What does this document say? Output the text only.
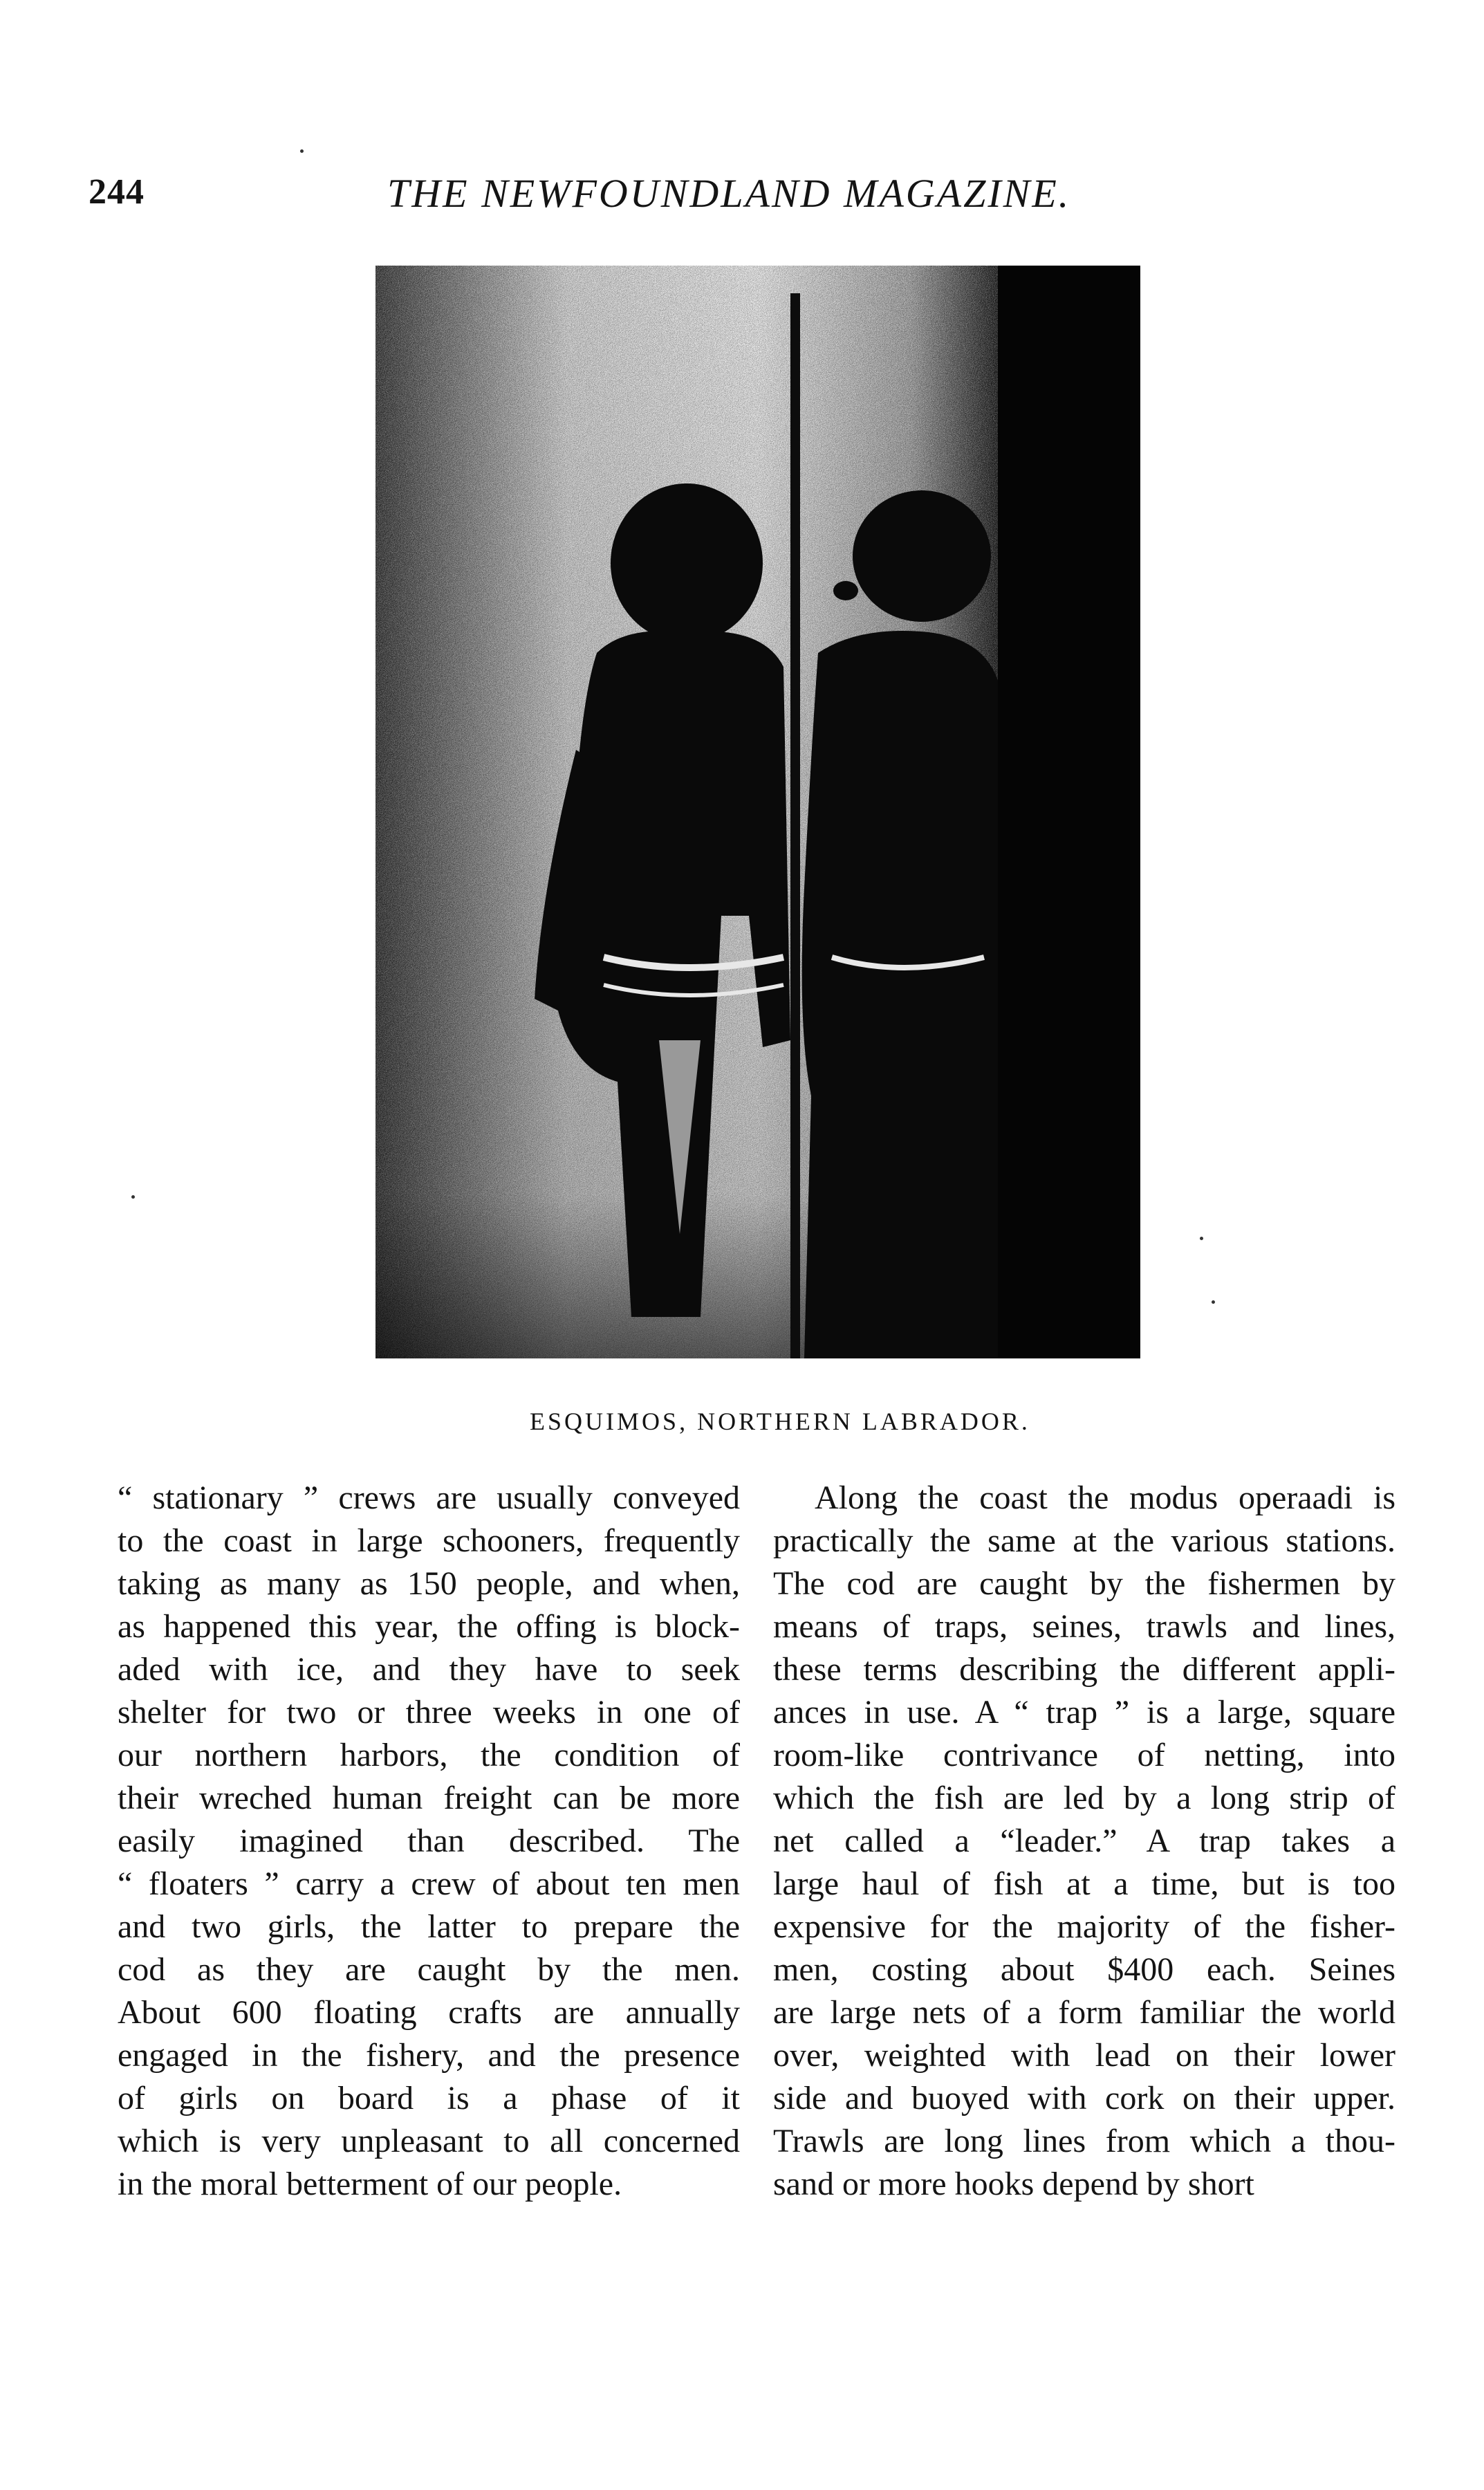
244	THE NEWFOUNDLAND MAGAZINE.
ESQUIMOS, NORTHERN LABRADOR.
“ stationary ” crews are usually conveyed
to the coast in large schooners, frequently
taking as many as 150 people, and when,
as happened this year, the offing is block-
aded with ice, and they have to seek
shelter for two or three weeks in one of
our northern harbors, the condition of
their wreched human freight can be more
easily imagined than described. The
“ floaters ” carry a crew of about ten men
and two girls, the latter to prepare the
cod as they are caught by the men.
About 600 floating crafts are annually
engaged in the fishery, and the presence
of girls on board is a phase of it
which is very unpleasant to all concerned
in the moral betterment of our people.
Along the coast the modus operaadi is
practically the same at the various stations.
The cod are caught by the fishermen by
means of traps, seines, trawls and lines,
these terms describing the different appli-
ances in use. A “ trap ” is a large, square
room-like contrivance of netting, into
which the fish are led by a long strip of
net called a “leader.” A trap takes a
large haul of fish at a time, but is too
expensive for the majority of the fisher-
men, costing about $400 each. Seines
are large nets of a form familiar the world
over, weighted with lead on their lower
side and buoyed with cork on their upper.
Trawls are long lines from which a thou-
sand or more hooks depend by short
